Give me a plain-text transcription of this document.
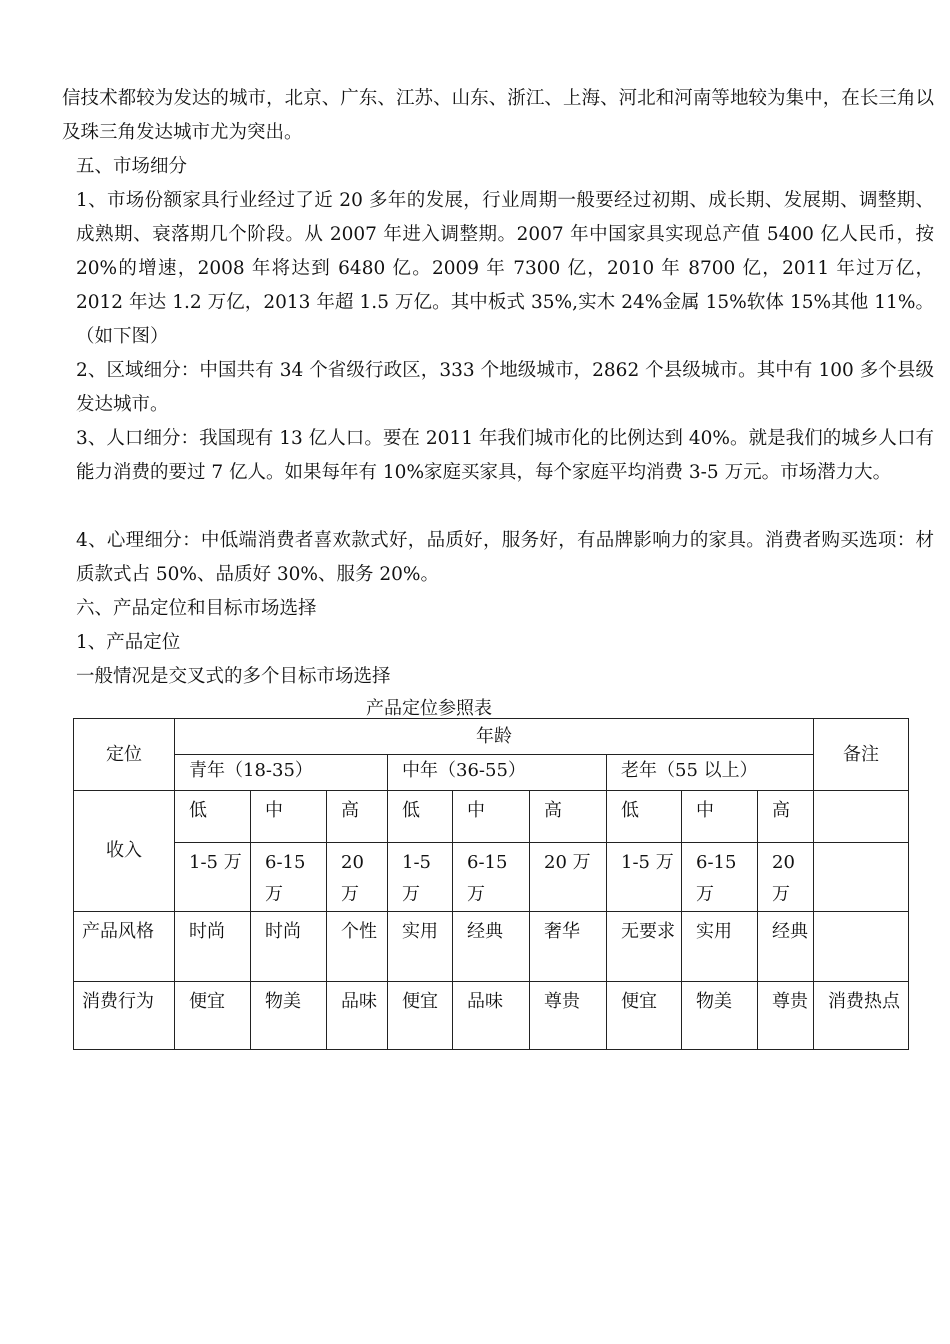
信技术都较为发达的城市，北京、广东、江苏、山东、浙江、上海、河北和河南等地较为集中，在长三角以及珠三角发达城市尤为突出。

五、市场细分

1、市场份额家具行业经过了近 20 多年的发展，行业周期一般要经过初期、成长期、发展期、调整期、成熟期、衰落期几个阶段。从 2007 年进入调整期。2007 年中国家具实现总产值 5400 亿人民币，按 20%的增速，2008 年将达到 6480 亿。2009 年 7300 亿，2010 年 8700 亿，2011 年过万亿，2012 年达 1.2 万亿，2013 年超 1.5 万亿。其中板式 35%,实木 24%金属 15%软体 15%其他 11%。（如下图）

2、区域细分：中国共有 34 个省级行政区，333 个地级城市，2862 个县级城市。其中有 100 多个县级发达城市。

3、人口细分：我国现有 13 亿人口。要在 2011 年我们城市化的比例达到 40%。就是我们的城乡人口有能力消费的要过 7 亿人。如果每年有 10%家庭买家具，每个家庭平均消费 3-5 万元。市场潜力大。

4、心理细分：中低端消费者喜欢款式好，品质好，服务好，有品牌影响力的家具。消费者购买选项：材质款式占 50%、品质好 30%、服务 20%。

六、产品定位和目标市场选择

1、产品定位

一般情况是交叉式的多个目标市场选择

产品定位参照表
定位	年龄									备注
	青年（18-35）			中年（36-55）			老年（55 以上）			
收入	低	中	高	低	中	高	低	中	高	
	1-5 万	6-15 万	20 万	1-5 万	6-15 万	20 万	1-5 万	6-15 万	20 万	
产品风格	时尚	时尚	个性	实用	经典	奢华	无要求	实用	经典	
消费行为	便宜	物美	品味	便宜	品味	尊贵	便宜	物美	尊贵	消费热点
